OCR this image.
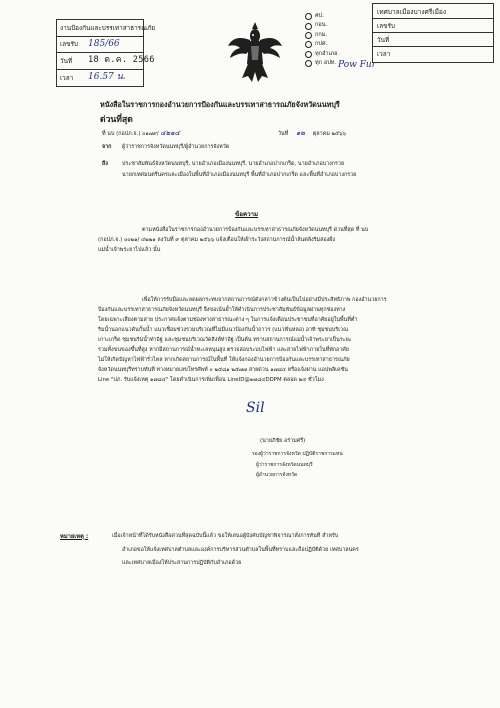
งานป้องกันและบรรเทาสาธารณภัย
เลขรับ	185/66
วันที่	18 ต.ค. 2566
เวลา	16.57 น.
ศป.
กอน.
กกม.
กปศ.
ทุกอำเภอ
ทุก อปท. Pow Fur
เทศบาลเมืองบางศรีเมือง
เลขรับ
วันที่
เวลา
หนังสือในราชการกองอำนวยการป้องกันและบรรเทาสาธารณภัยจังหวัดนนทบุรี
ด่วนที่สุด
ที่ นบ (กอปภ.จ.) ๐๑๗๙/ ๔๒๑๔	วันที่ ๑๒ ตุลาคม ๒๕๖๖
จาก ผู้ว่าราชการจังหวัดนนทบุรี/ผู้อำนวยการจังหวัด
ถึง	ประชาสัมพันธ์จังหวัดนนทบุรี, นายอำเภอเมืองนนทบุรี, นายอำเภอปากเกร็ด, นายอำเภอบางกรวย
นายกเทศมนตรีนครและเมืองในพื้นที่อำเภอเมืองนนทบุรี พื้นที่อำเภอปากเกร็ด และพื้นที่อำเภอบางกรวย
ข้อความ
ตามหนังสือในราชการกองอำนวยการป้องกันและบรรเทาสาธารณภัยจังหวัดนนทบุรี ด่วนที่สุด ที่ นบ
(กอปภ.จ.) ๐๐๒๑/ ๔๒๒๑ ลงวันที่ ๙ ตุลาคม ๒๕๖๖ แจ้งเตือนให้เฝ้าระวังสถานการณ์น้ำล้นตลิ่งริมสองฝั่ง
แม่น้ำเจ้าพระยาไปแล้ว นั้น
เพื่อให้การรับมือและลดผลกระทบจากสถานการณ์ดังกล่าวข้างต้นเป็นไปอย่างมีประสิทธิภาพ กองอำนวยการ
ป้องกันและบรรเทาสาธารณภัยจังหวัดนนทบุรี จึงขอเน้นย้ำให้ดำเนินการประชาสัมพันธ์ข้อมูลผ่านทุกช่องทาง
โดยเฉพาะเสียงตามสาย ประกาศแจ้งตามช่องทางสาธารณะต่าง ๆ ในการแจ้งเตือนประชาชนที่อาศัยอยู่ในพื้นที่ต่ำ
ริมน้ำนอกแนวคันกั้นน้ำ แนวเชื่อมช่วงรวมบริเวณที่ไม่มีแนวป้องกันน้ำถาวร (แนวฟันหลอ) อาทิ ชุมชนบริเวณ
เกาะเกร็ด ชุมชนริมน้ำท่าอิฐ และชุมชนบริเวณวัดสิงห์ท่าอิฐ เป็นต้น ทราบสถานการณ์แม่น้ำเจ้าพระยาเป็นระยะ
รวมทั้งขนของขึ้นที่สูง หากมีสถานการณ์น้ำทะเลหนุนสูง ตรวจสอบระบบไฟฟ้า และสายไฟฟ้าภายในที่พักอาศัย
ไม่ให้เกิดปัญหาไฟฟ้ารั่วไหล หากเกิดสถานการณ์ในพื้นที่ ให้แจ้งกองอำนวยการป้องกันและบรรเทาสาธารณภัย
จังหวัดนนทบุรีทราบทันที ทางหมายเลขโทรศัพท์ ๐ ๒๕๘๑ ๒๕๗๗ สายด่วน ๑๗๘๔ หรือแจ้งผ่าน แอปพลิเคชัน
Line "ปภ. รับแจ้งเหตุ ๑๗๘๔" โดยดำเนินการเพิ่มเพื่อน LineID@๑๗๘๔DDPM ตลอด ๒๔ ชั่วโมง
Sil
(นายภิชัย อร่ามศรี)
รองผู้ว่าราชการจังหวัด ปฏิบัติราชการแทน
ผู้ว่าราชการจังหวัดนนทบุรี
ผู้อำนวยการจังหวัด
หมายเหตุ :	เมื่อเจ้าหน้าที่ได้รับหนังสือด่วนที่สุดฉบับนี้แล้ว ขอให้เสนอผู้บังคับบัญชาพิจารณาสั่งการทันที สำหรับ
อำเภอขอให้แจ้งเทศบาลตำบลและองค์การบริหารส่วนตำบลในพื้นที่ทราบและถือปฏิบัติด้วย เทศบาลนคร
และเทศบาลเมืองให้ประสานการปฏิบัติกับอำเภอด้วย
